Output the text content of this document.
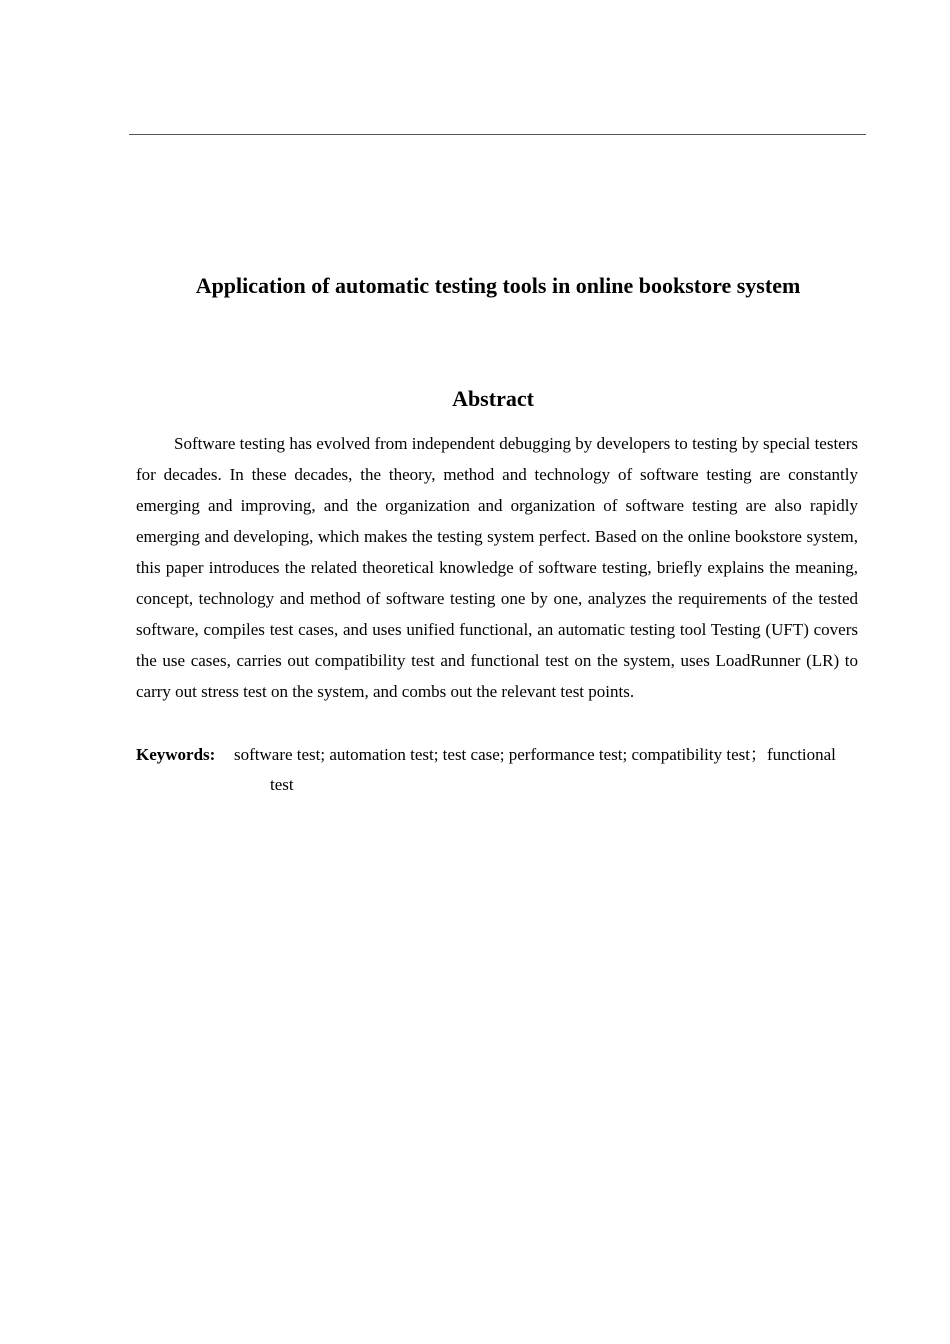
Application of automatic testing tools in online bookstore system
Abstract

Software testing has evolved from independent debugging by developers to testing by special testers for decades. In these decades, the theory, method and technology of software testing are constantly emerging and improving, and the organization and organization of software testing are also rapidly emerging and developing, which makes the testing system perfect. Based on the online bookstore system, this paper introduces the related theoretical knowledge of software testing, briefly explains the meaning, concept, technology and method of software testing one by one, analyzes the requirements of the tested software, compiles test cases, and uses unified functional, an automatic testing tool Testing (UFT) covers the use cases, carries out compatibility test and functional test on the system, uses LoadRunner (LR) to carry out stress test on the system, and combs out the relevant test points.

Keywords: software test; automation test; test case; performance test; compatibility test；functional test
